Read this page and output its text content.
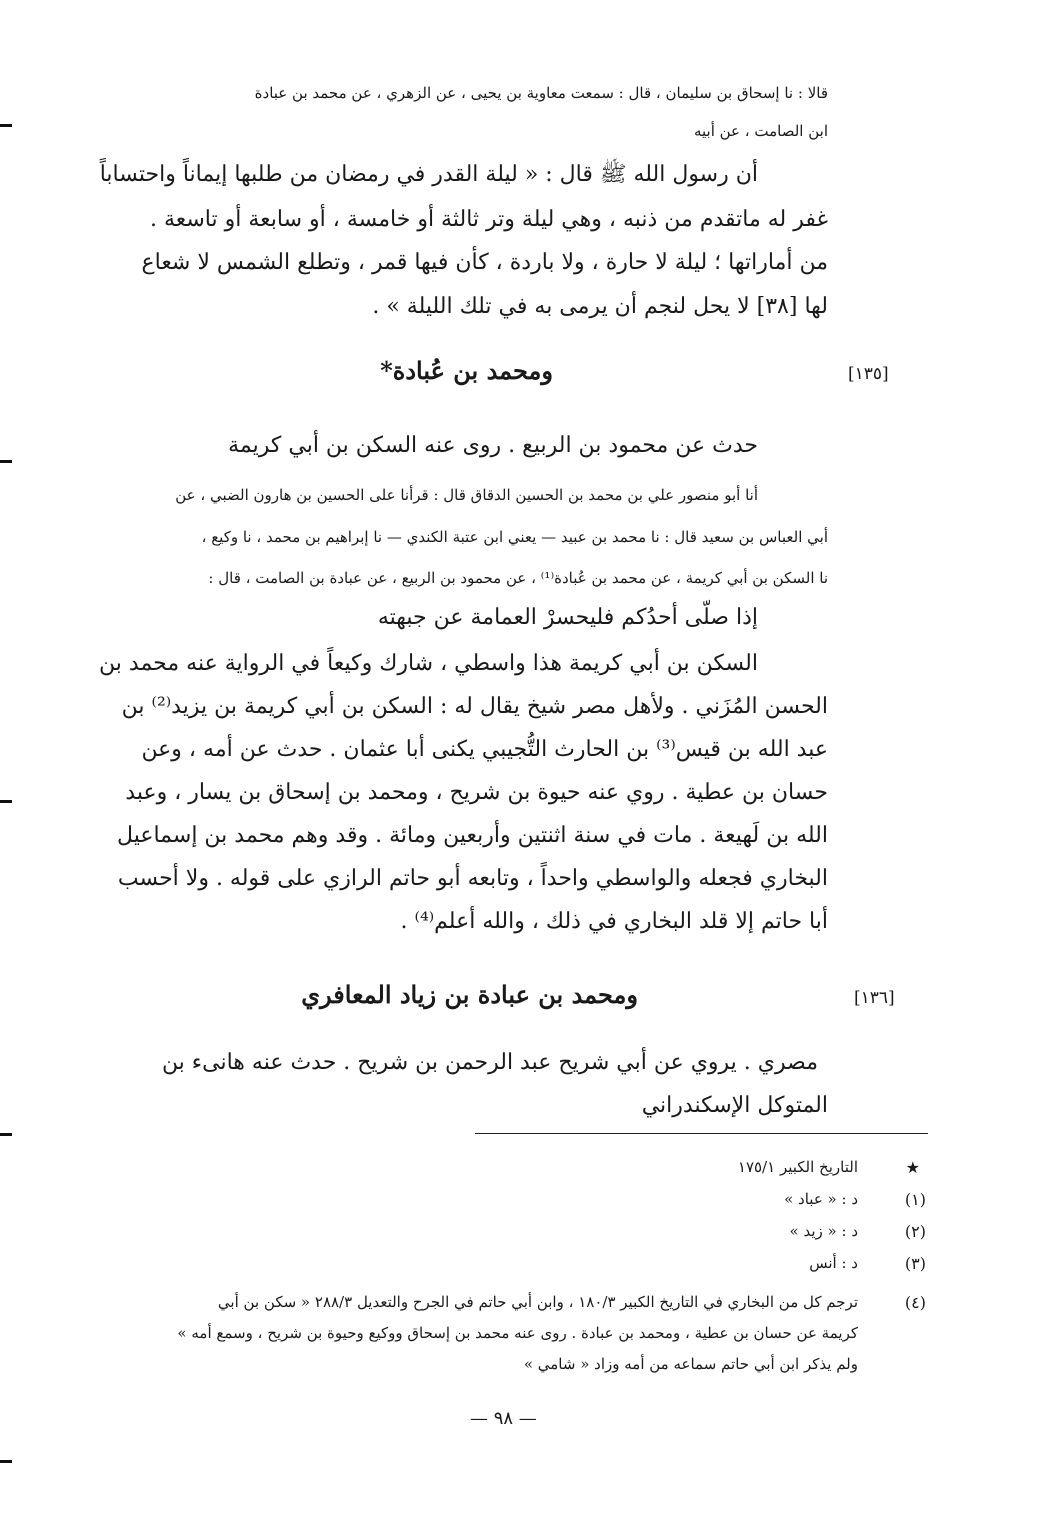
قالا : نا إسحاق بن سليمان ، قال : سمعت معاوية بن يحيى ، عن الزهري ، عن محمد بن عبادة
ابن الصامت ، عن أبيه
أن رسول الله ﷺ قال : « ليلة القدر في رمضان من طلبها إيماناً واحتساباً
غفر له ماتقدم من ذنبه ، وهي ليلة وتر ثالثة أو خامسة ، أو سابعة أو تاسعة .
من أماراتها ؛ ليلة لا حارة ، ولا باردة ، كأن فيها قمر ، وتطلع الشمس لا شعاع
لها [٣٨] لا يحل لنجم أن يرمى به في تلك الليلة » .
[١٣٥]
ومحمد بن عُبادة*
حدث عن محمود بن الربيع . روى عنه السكن بن أبي كريمة
أنا أبو منصور علي بن محمد بن الحسين الدقاق قال : قرأنا على الحسين بن هارون الضبي ، عن
أبي العباس بن سعيد قال : نا محمد بن عبيد — يعني ابن عتبة الكندي — نا إبراهيم بن محمد ، نا وكيع ،
نا السكن بن أبي كريمة ، عن محمد بن عُبادة⁽¹⁾ ، عن محمود بن الربيع ، عن عبادة بن الصامت ، قال :
إذا صلّى أحدُكم فليحسرْ العمامة عن جبهته
السكن بن أبي كريمة هذا واسطي ، شارك وكيعاً في الرواية عنه محمد بن
الحسن المُزَني . ولأهل مصر شيخ يقال له : السكن بن أبي كريمة بن يزيد⁽²⁾ بن
عبد الله بن قيس⁽³⁾ بن الحارث التُّجيبي يكنى أبا عثمان . حدث عن أمه ، وعن
حسان بن عطية . روي عنه حيوة بن شريح ، ومحمد بن إسحاق بن يسار ، وعبد
الله بن لَهيعة . مات في سنة اثنتين وأربعين ومائة . وقد وهم محمد بن إسماعيل
البخاري فجعله والواسطي واحداً ، وتابعه أبو حاتم الرازي على قوله . ولا أحسب
أبا حاتم إلا قلد البخاري في ذلك ، والله أعلم⁽⁴⁾ .
[١٣٦]
ومحمد بن عبادة بن زياد المعافري
مصري . يروي عن أبي شريح عبد الرحمن بن شريح . حدث عنه هانىء بن
المتوكل الإسكندراني
★
التاريخ الكبير ١٧٥/١
(١)
د : « عباد »
(٢)
د : « زيد »
(٣)
د : أنس
(٤)
ترجم كل من البخاري في التاريخ الكبير ١٨٠/٣ ، وابن أبي حاتم في الجرح والتعديل ٢٨٨/٣ « سكن بن أبي
كريمة عن حسان بن عطية ، ومحمد بن عبادة . روى عنه محمد بن إسحاق ووكيع وحيوة بن شريح ، وسمع أمه »
ولم يذكر ابن أبي حاتم سماعه من أمه وزاد « شامي »
— ٩٨ —
